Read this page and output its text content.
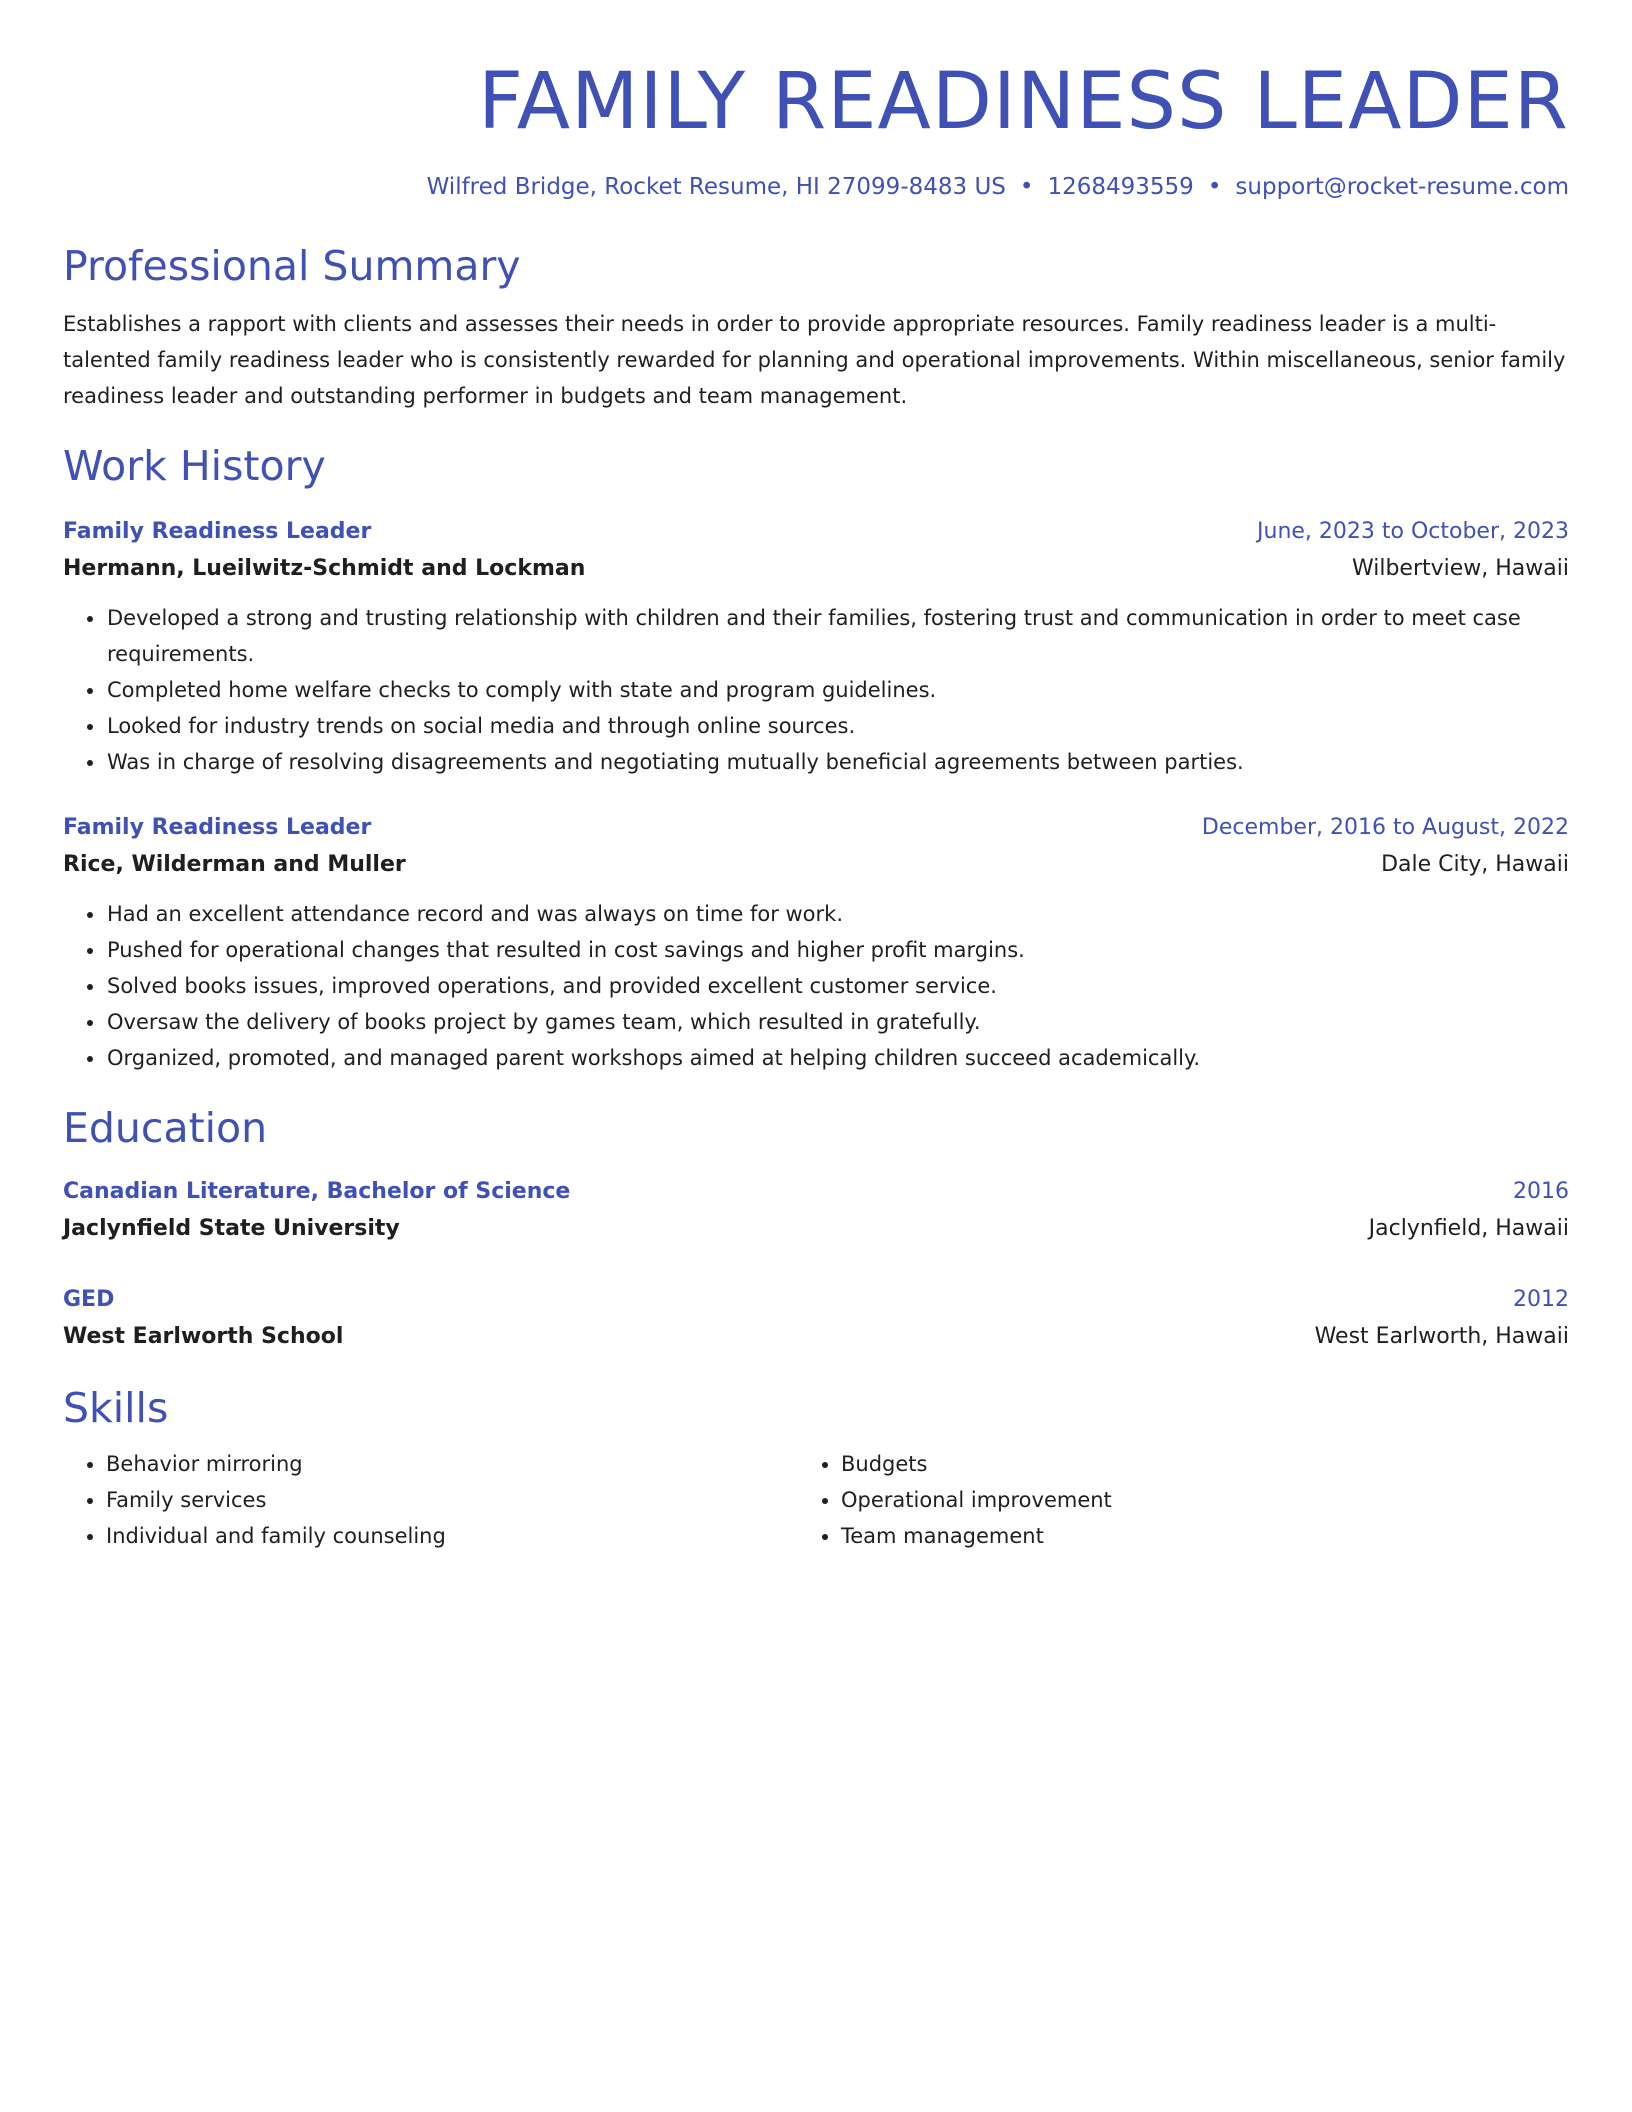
FAMILY READINESS LEADER
Wilfred Bridge, Rocket Resume, HI 27099-8483 US • 1268493559 • support@rocket-resume.com
Professional Summary
Establishes a rapport with clients and assesses their needs in order to provide appropriate resources. Family readiness leader is a multi-talented family readiness leader who is consistently rewarded for planning and operational improvements. Within miscellaneous, senior family readiness leader and outstanding performer in budgets and team management.
Work History
Family Readiness Leader	June, 2023 to October, 2023
Hermann, Lueilwitz-Schmidt and Lockman	Wilbertview, Hawaii
• Developed a strong and trusting relationship with children and their families, fostering trust and communication in order to meet case requirements.
• Completed home welfare checks to comply with state and program guidelines.
• Looked for industry trends on social media and through online sources.
• Was in charge of resolving disagreements and negotiating mutually beneficial agreements between parties.
Family Readiness Leader	December, 2016 to August, 2022
Rice, Wilderman and Muller	Dale City, Hawaii
• Had an excellent attendance record and was always on time for work.
• Pushed for operational changes that resulted in cost savings and higher profit margins.
• Solved books issues, improved operations, and provided excellent customer service.
• Oversaw the delivery of books project by games team, which resulted in gratefully.
• Organized, promoted, and managed parent workshops aimed at helping children succeed academically.
Education
Canadian Literature, Bachelor of Science	2016
Jaclynfield State University	Jaclynfield, Hawaii
GED	2012
West Earlworth School	West Earlworth, Hawaii
Skills
• Behavior mirroring
• Family services
• Individual and family counseling
• Budgets
• Operational improvement
• Team management
